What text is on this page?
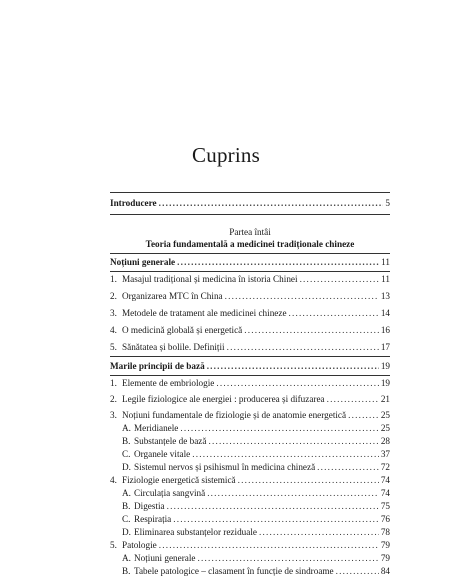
Cuprins
Introducere .....	5
Partea întâi
Teoria fundamentală a medicinei tradiționale chineze
Noțiuni generale .....	11
1. Masajul tradițional și medicina în istoria Chinei .....	11
2. Organizarea MTC în China .....	13
3. Metodele de tratament ale medicinei chineze .....	14
4. O medicină globală și energetică .....	16
5. Sănătatea și bolile. Definiții .....	17
Marile principii de bază .....	19
1. Elemente de embriologie .....	19
2. Legile fiziologice ale energiei : producerea și difuzarea .....	21
3. Noțiuni fundamentale de fiziologie și de anatomie energetică .....	25
A. Meridianele .....	25
B. Substanțele de bază .....	28
C. Organele vitale .....	37
D. Sistemul nervos și psihismul în medicina chineză .....	72
4. Fiziologie energetică sistemică .....	74
A. Circulația sangvină .....	74
B. Digestia .....	75
C. Respirația .....	76
D. Eliminarea substanțelor reziduale .....	78
5. Patologie .....	79
A. Noțiuni generale .....	79
B. Tabele patologice – clasament în funcție de sindroame .....	84
